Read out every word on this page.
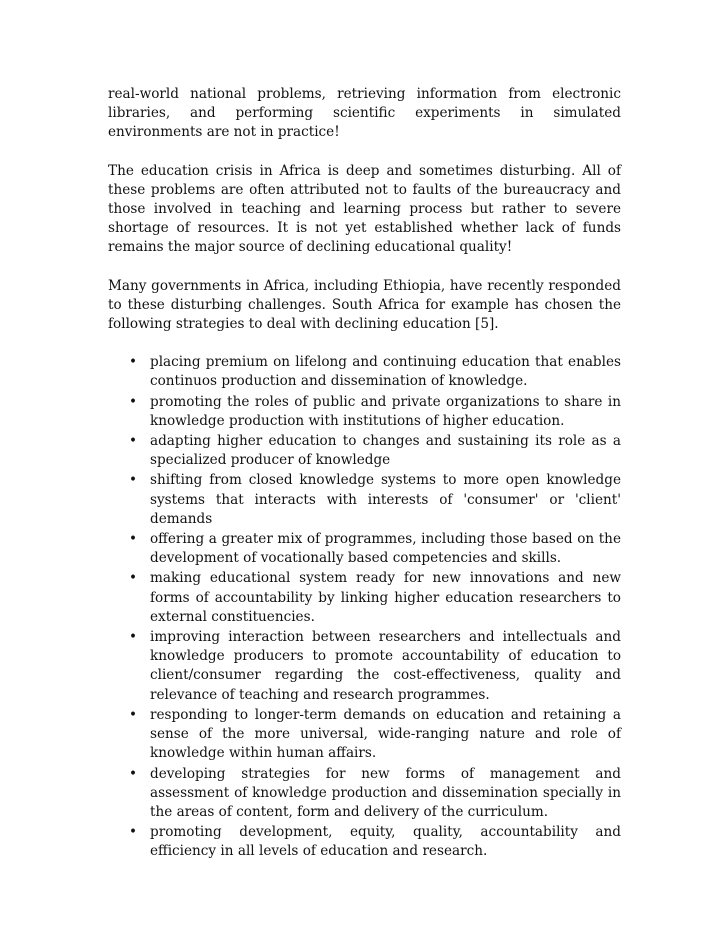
real-world national problems, retrieving information from electronic libraries, and performing scientific experiments in simulated environments are not in practice!

The education crisis in Africa is deep and sometimes disturbing. All of these problems are often attributed not to faults of the bureaucracy and those involved in teaching and learning process but rather to severe shortage of resources. It is not yet established whether lack of funds remains the major source of declining educational quality!

Many governments in Africa, including Ethiopia, have recently responded to these disturbing challenges. South Africa for example has chosen the following strategies to deal with declining education [5].

• placing premium on lifelong and continuing education that enables continuos production and dissemination of knowledge.
• promoting the roles of public and private organizations to share in knowledge production with institutions of higher education.
• adapting higher education to changes and sustaining its role as a specialized producer of knowledge
• shifting from closed knowledge systems to more open knowledge systems that interacts with interests of 'consumer' or 'client' demands
• offering a greater mix of programmes, including those based on the development of vocationally based competencies and skills.
• making educational system ready for new innovations and new forms of accountability by linking higher education researchers to external constituencies.
• improving interaction between researchers and intellectuals and knowledge producers to promote accountability of education to client/consumer regarding the cost-effectiveness, quality and relevance of teaching and research programmes.
• responding to longer-term demands on education and retaining a sense of the more universal, wide-ranging nature and role of knowledge within human affairs.
• developing strategies for new forms of management and assessment of knowledge production and dissemination specially in the areas of content, form and delivery of the curriculum.
• promoting development, equity, quality, accountability and efficiency in all levels of education and research.
